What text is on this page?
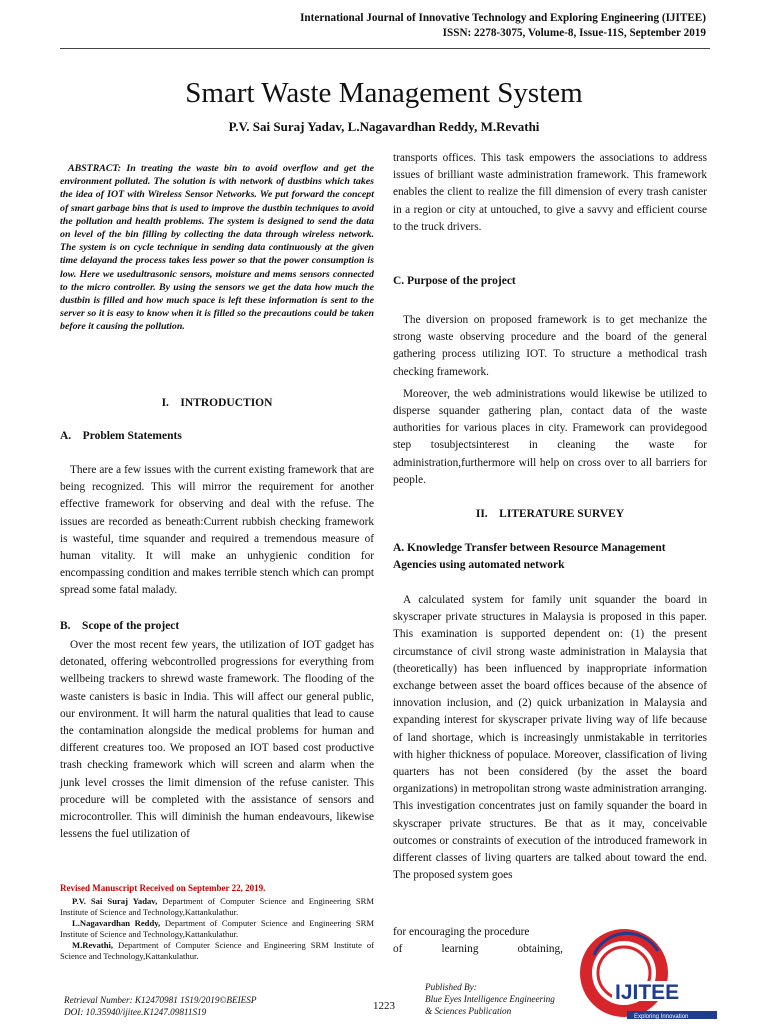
International Journal of Innovative Technology and Exploring Engineering (IJITEE)
ISSN: 2278-3075, Volume-8, Issue-11S, September 2019
Smart Waste Management System
P.V. Sai Suraj Yadav, L.Nagavardhan Reddy, M.Revathi
ABSTRACT: In treating the waste bin to avoid overflow and get the environment polluted. The solution is with network of dustbins which takes the idea of IOT with Wireless Sensor Networks. We put forward the concept of smart garbage bins that is used to improve the dustbin techniques to avoid the pollution and health problems. The system is designed to send the data on level of the bin filling by collecting the data through wireless network. The system is on cycle technique in sending data continuously at the given time delayand the process takes less power so that the power consumption is low. Here we usedultrasonic sensors, moisture and mems sensors connected to the micro controller. By using the sensors we get the data how much the dustbin is filled and how much space is left these information is sent to the server so it is easy to know when it is filled so the precautions could be taken before it causing the pollution.
I. INTRODUCTION
A. Problem Statements

There are a few issues with the current existing framework that are being recognized. This will mirror the requirement for another effective framework for observing and deal with the refuse. The issues are recorded as beneath:Current rubbish checking framework is wasteful, time squander and required a tremendous measure of human vitality. It will make an unhygienic condition for encompassing condition and makes terrible stench which can prompt spread some fatal malady.

B. Scope of the project

Over the most recent few years, the utilization of IOT gadget has detonated, offering webcontrolled progressions for everything from wellbeing trackers to shrewd waste framework. The flooding of the waste canisters is basic in India. This will affect our general public, our environment. It will harm the natural qualities that lead to cause the contamination alongside the medical problems for human and different creatures too. We proposed an IOT based cost productive trash checking framework which will screen and alarm when the junk level crosses the limit dimension of the refuse canister. This procedure will be completed with the assistance of sensors and microcontroller. This will diminish the human endeavours, likewise lessens the fuel utilization of

Revised Manuscript Received on September 22, 2019.
P.V. Sai Suraj Yadav, Department of Computer Science and Engineering SRM Institute of Science and Technology,Kattankulathur.
L.Nagavardhan Reddy, Department of Computer Science and Engineering SRM Institute of Science and Technology,Kattankulathur.
M.Revathi, Department of Computer Science and Engineering SRM Institute of Science and Technology,Kattankulathur.

transports offices. This task empowers the associations to address issues of brilliant waste administration framework. This framework enables the client to realize the fill dimension of every trash canister in a region or city at untouched, to give a savvy and efficient course to the truck drivers.

C. Purpose of the project

The diversion on proposed framework is to get mechanize the strong waste observing procedure and the board of the general gathering process utilizing IOT. To structure a methodical trash checking framework.

Moreover, the web administrations would likewise be utilized to disperse squander gathering plan, contact data of the waste authorities for various places in city. Framework can providegood step tosubjectsinterest in cleaning the waste for administration,furthermore will help on cross over to all barriers for people.

II. LITERATURE SURVEY
A. Knowledge Transfer between Resource Management Agencies using automated network

A calculated system for family unit squander the board in skyscraper private structures in Malaysia is proposed in this paper. This examination is supported dependent on: (1) the present circumstance of civil strong waste administration in Malaysia that (theoretically) has been influenced by inappropriate information exchange between asset the board offices because of the absence of innovation inclusion, and (2) quick urbanization in Malaysia and expanding interest for skyscraper private living way of life because of land shortage, which is increasingly unmistakable in territories with higher thickness of populace. Moreover, classification of living quarters has not been considered (by the asset the board organizations) in metropolitan strong waste administration arranging. This investigation concentrates just on family squander the board in skyscraper private structures. Be that as it may, conceivable outcomes or constraints of execution of the introduced framework in different classes of living quarters are talked about toward the end. The proposed system goes

for encouraging the procedure
of	learning	obtaining,
Retrieval Number: K12470981 1S19/2019©BEIESP
DOI: 10.35940/ijitee.K1247.09811S19	1223
Published By:
Blue Eyes Intelligence Engineering
& Sciences Publication
IJITEE
Exploring Innovation
